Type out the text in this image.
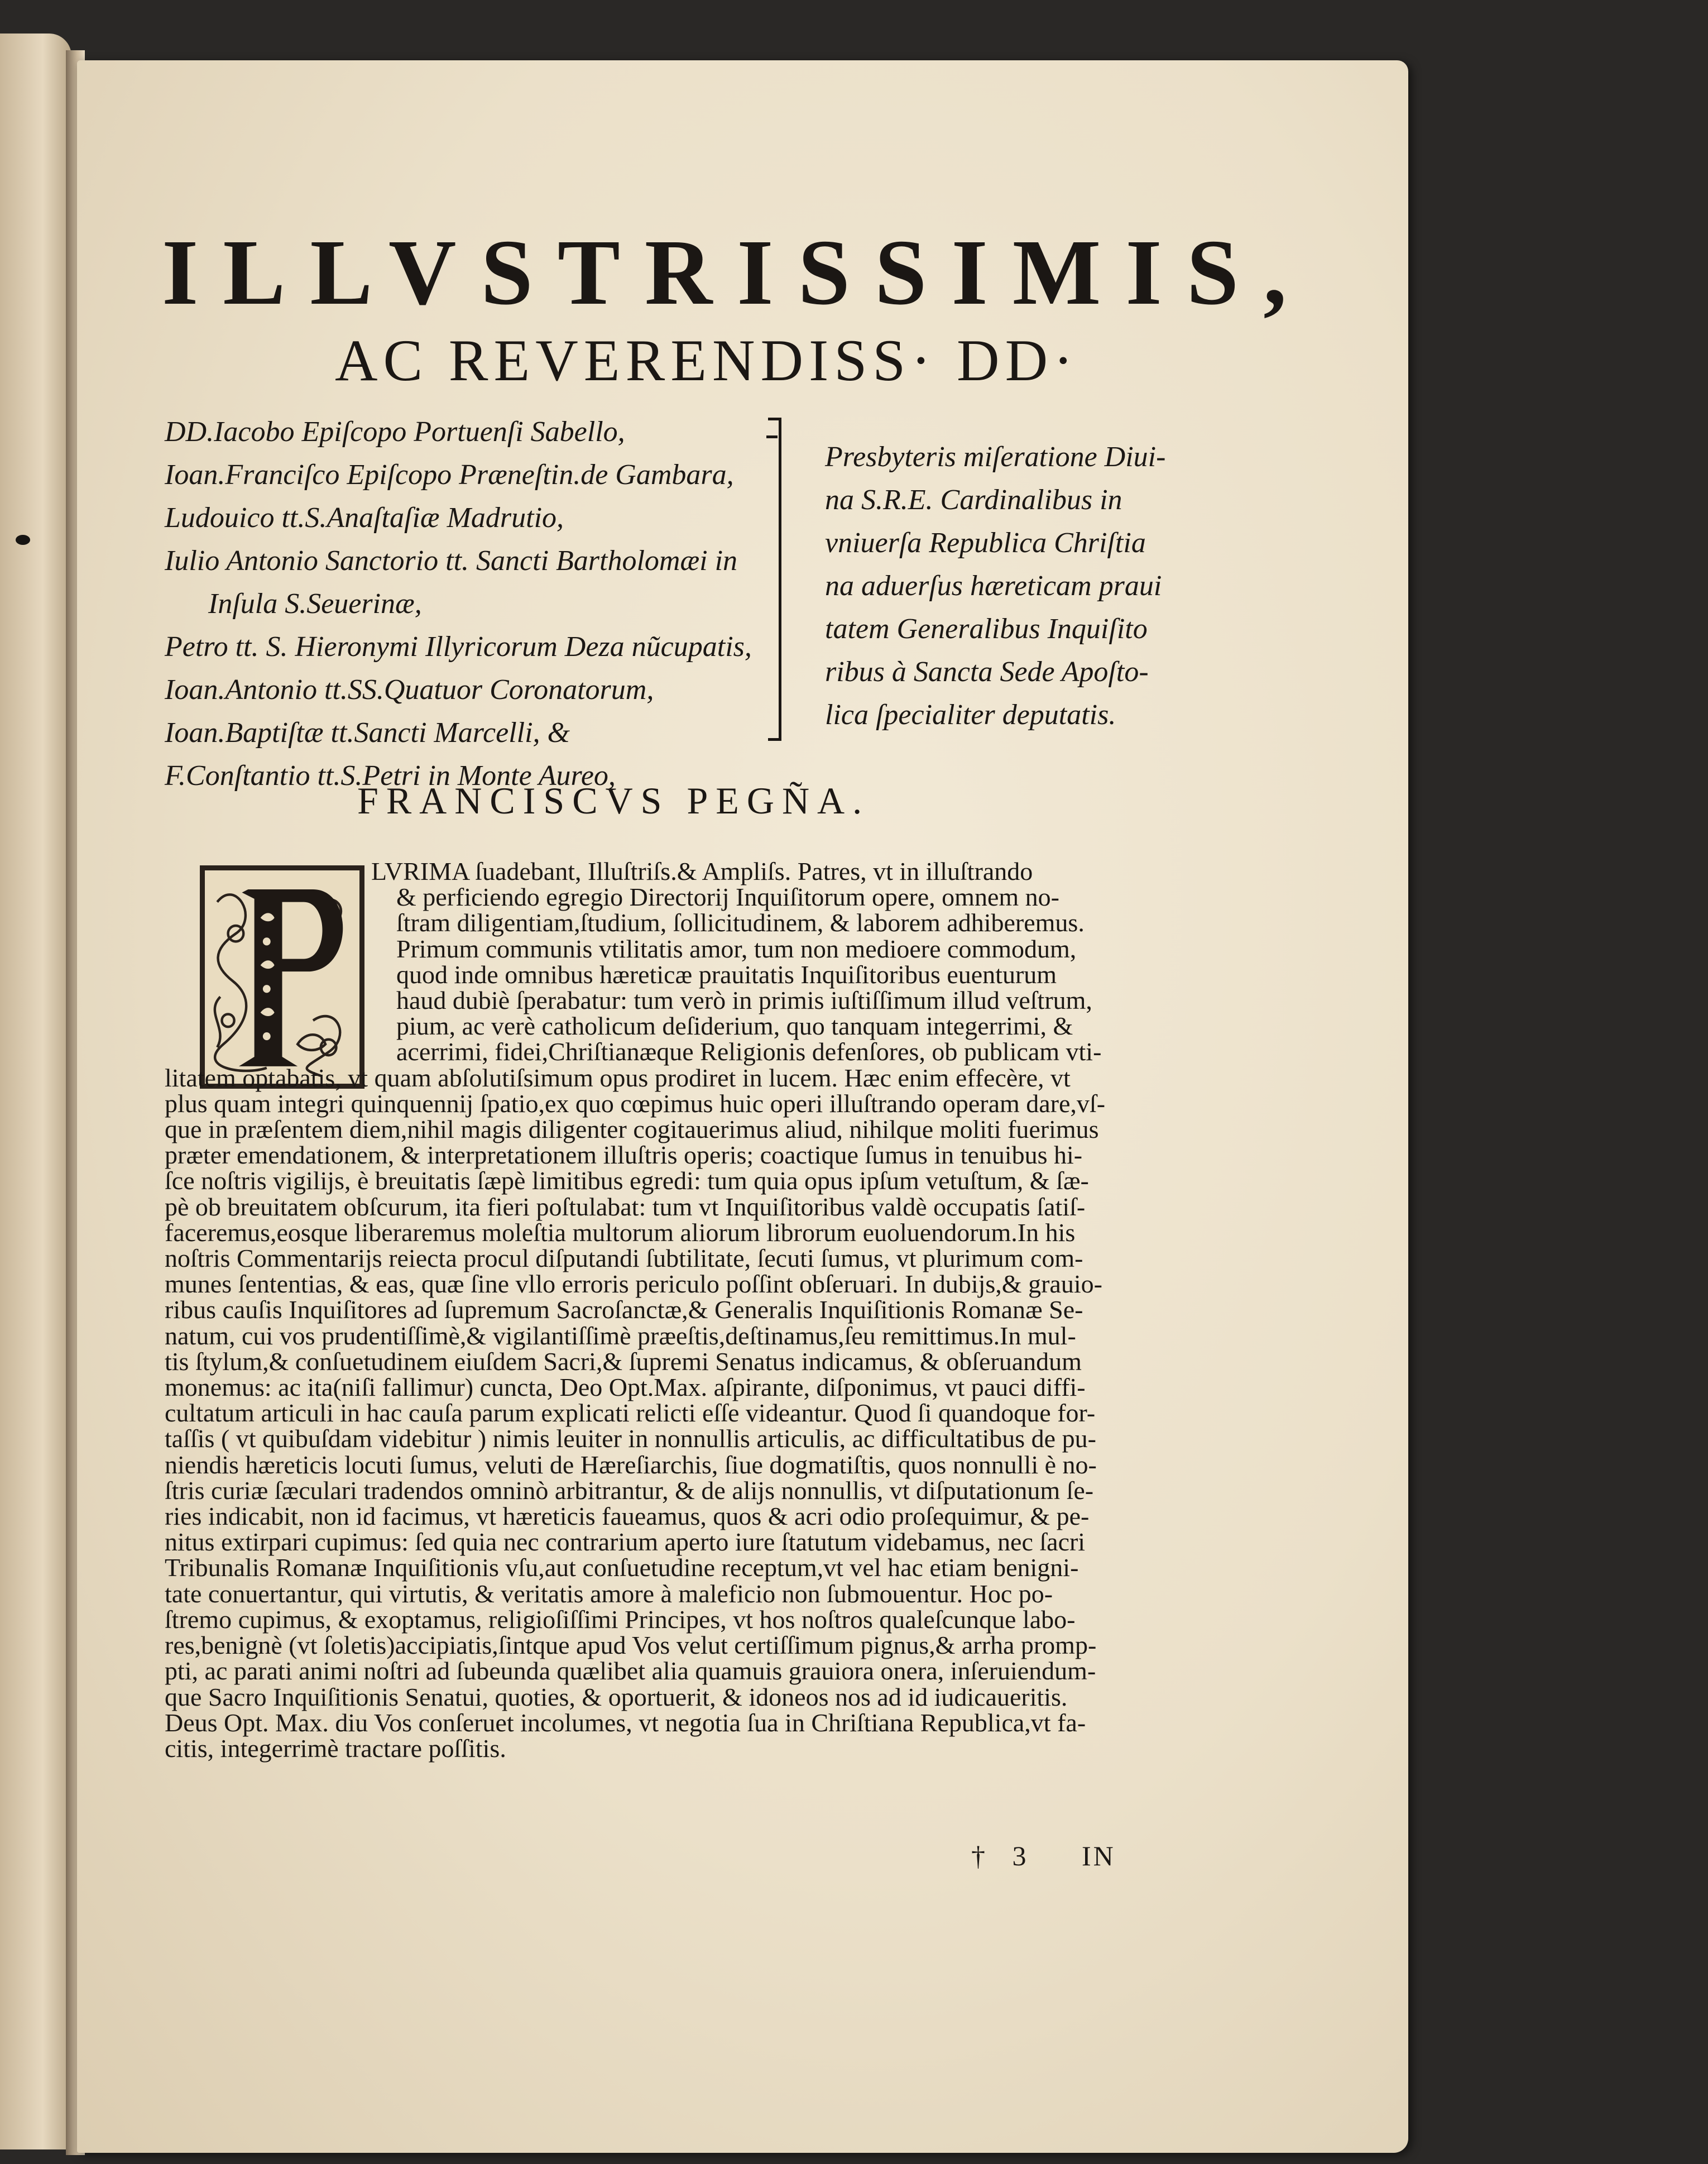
ILLVSTRISSIMIS,
AC REVERENDISS· DD·
DD.Iacobo Epiſcopo Portuenſi Sabello,
Ioan.Franciſco Epiſcopo Præneſtin.de Gambara,
Ludouico tt.S.Anaſtaſiæ Madrutio,
Iulio Antonio Sanctorio tt. Sancti Bartholomæi in
Inſula S.Seuerinæ,
Petro tt. S. Hieronymi Illyricorum Deza nũcupatis,
Ioan.Antonio tt.SS.Quatuor Coronatorum,
Ioan.Baptiſtæ tt.Sancti Marcelli, &
F.Conſtantio tt.S.Petri in Monte Aureo,
Presbyteris miſeratione Diui-
na S.R.E. Cardinalibus in
vniuerſa Republica Chriſtia
na aduerſus hæreticam praui
tatem Generalibus Inquiſito
ribus à Sancta Sede Apoſto-
lica ſpecialiter deputatis.
FRANCISCVS PEGÑA.
LVRIMA ſuadebant, Illuſtriſs.& Ampliſs. Patres, vt in illuſtrando
& perficiendo egregio Directorij Inquiſitorum opere, omnem no-
ſtram diligentiam,ſtudium, ſollicitudinem, & laborem adhiberemus.
Primum communis vtilitatis amor, tum non medioere commodum,
quod inde omnibus hæreticæ prauitatis Inquiſitoribus euenturum
haud dubiè ſperabatur: tum verò in primis iuſtiſſimum illud veſtrum,
pium, ac verè catholicum deſiderium, quo tanquam integerrimi, &
acerrimi, fidei,Chriſtianæque Religionis defenſores, ob publicam vti-
litatem optabatis, vt quam abſolutiſsimum opus prodiret in lucem. Hæc enim effecère, vt
plus quam integri quinquennij ſpatio,ex quo cœpimus huic operi illuſtrando operam dare,vſ-
que in præſentem diem,nihil magis diligenter cogitauerimus aliud, nihilque moliti fuerimus
præter emendationem, & interpretationem illuſtris operis; coactique ſumus in tenuibus hi-
ſce noſtris vigilijs, è breuitatis ſæpè limitibus egredi: tum quia opus ipſum vetuſtum, & ſæ-
pè ob breuitatem obſcurum, ita fieri poſtulabat: tum vt Inquiſitoribus valdè occupatis ſatiſ-
faceremus,eosque liberaremus moleſtia multorum aliorum librorum euoluendorum.In his
noſtris Commentarijs reiecta procul diſputandi ſubtilitate, ſecuti ſumus, vt plurimum com-
munes ſententias, & eas, quæ ſine vllo erroris periculo poſſint obſeruari. In dubijs,& grauio-
ribus cauſis Inquiſitores ad ſupremum Sacroſanctæ,& Generalis Inquiſitionis Romanæ Se-
natum, cui vos prudentiſſimè,& vigilantiſſimè præeſtis,deſtinamus,ſeu remittimus.In mul-
tis ſtylum,& conſuetudinem eiuſdem Sacri,& ſupremi Senatus indicamus, & obſeruandum
monemus: ac ita(niſi fallimur) cuncta, Deo Opt.Max. aſpirante, diſponimus, vt pauci diffi-
cultatum articuli in hac cauſa parum explicati relicti eſſe videantur. Quod ſi quandoque for-
taſſis ( vt quibuſdam videbitur ) nimis leuiter in nonnullis articulis, ac difficultatibus de pu-
niendis hæreticis locuti ſumus, veluti de Hæreſiarchis, ſiue dogmatiſtis, quos nonnulli è no-
ſtris curiæ ſæculari tradendos omninò arbitrantur, & de alijs nonnullis, vt diſputationum ſe-
ries indicabit, non id facimus, vt hæreticis faueamus, quos & acri odio proſequimur, & pe-
nitus extirpari cupimus: ſed quia nec contrarium aperto iure ſtatutum videbamus, nec ſacri
Tribunalis Romanæ Inquiſitionis vſu,aut conſuetudine receptum,vt vel hac etiam benigni-
tate conuertantur, qui virtutis, & veritatis amore à maleficio non ſubmouentur. Hoc po-
ſtremo cupimus, & exoptamus, religioſiſſimi Principes, vt hos noſtros qualeſcunque labo-
res,benignè (vt ſoletis)accipiatis,ſintque apud Vos velut certiſſimum pignus,& arrha promp-
pti, ac parati animi noſtri ad ſubeunda quælibet alia quamuis grauiora onera, inſeruiendum-
que Sacro Inquiſitionis Senatui, quoties, & oportuerit, & idoneos nos ad id iudicaueritis.
Deus Opt. Max. diu Vos conſeruet incolumes, vt negotia ſua in Chriſtiana Republica,vt fa-
citis, integerrimè tractare poſſitis.
† 3 IN
